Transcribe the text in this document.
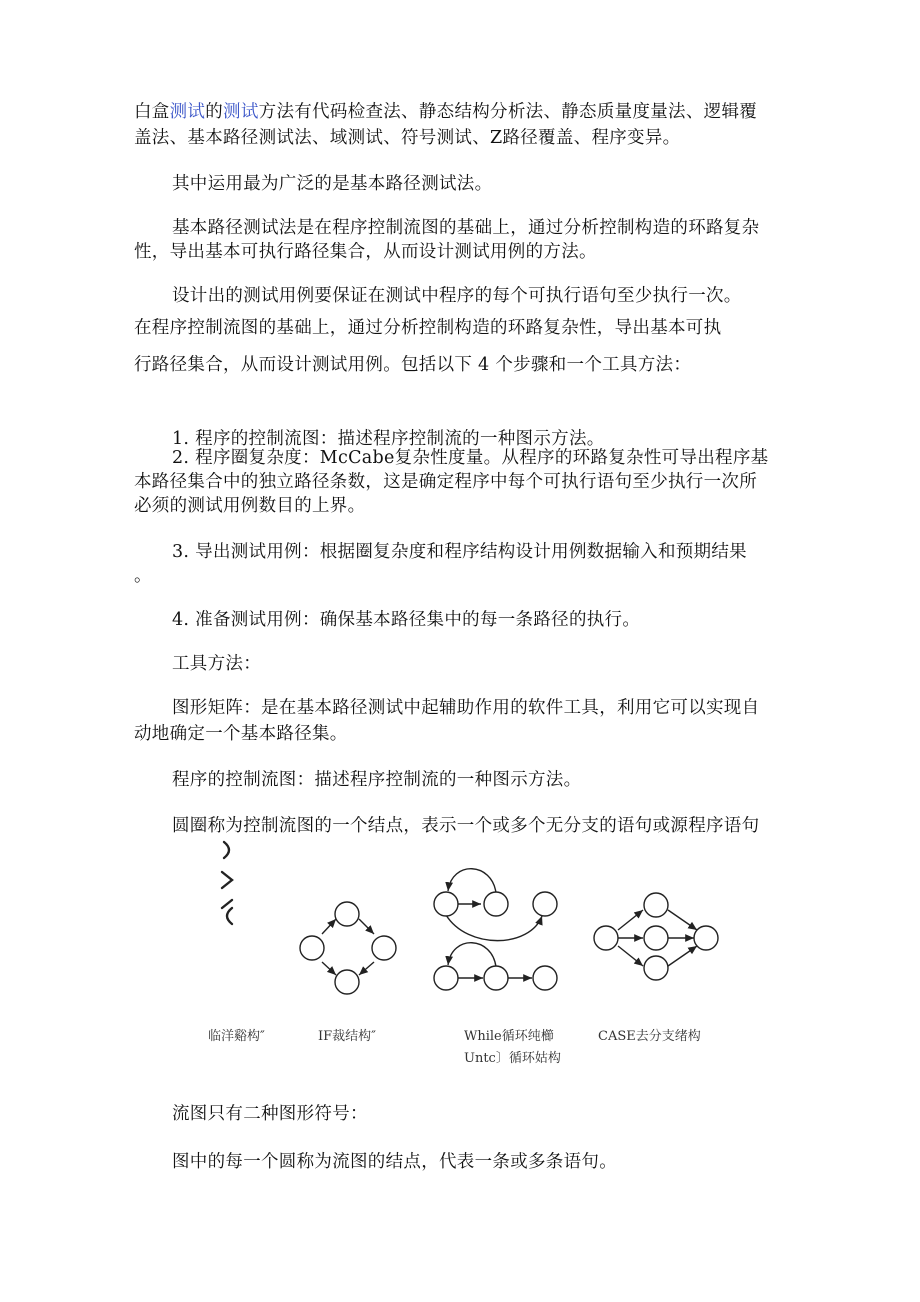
白盒测试的测试方法有代码检查法、静态结构分析法、静态质量度量法、逻辑覆
盖法、基本路径测试法、域测试、符号测试、Z路径覆盖、程序变异。
其中运用最为广泛的是基本路径测试法。
基本路径测试法是在程序控制流图的基础上，通过分析控制构造的环路复杂
性，导出基本可执行路径集合，从而设计测试用例的方法。
设计出的测试用例要保证在测试中程序的每个可执行语句至少执行一次。
在程序控制流图的基础上，通过分析控制构造的环路复杂性，导出基本可执
行路径集合，从而设计测试用例。包括以下 4 个步骤和一个工具方法：
1. 程序的控制流图：描述程序控制流的一种图示方法。
2. 程序圈复杂度：McCabe复杂性度量。从程序的环路复杂性可导出程序基
本路径集合中的独立路径条数，这是确定程序中每个可执行语句至少执行一次所
必须的测试用例数目的上界。
3. 导出测试用例：根据圈复杂度和程序结构设计用例数据输入和预期结果
。
4. 准备测试用例：确保基本路径集中的每一条路径的执行。
工具方法：
图形矩阵：是在基本路径测试中起辅助作用的软件工具，利用它可以实现自
动地确定一个基本路径集。
程序的控制流图：描述程序控制流的一种图示方法。
圆圈称为控制流图的一个结点，表示一个或多个无分支的语句或源程序语句
流图只有二种图形符号：
图中的每一个圆称为流图的结点，代表一条或多条语句。
临洋谿构″	IF裁结构″	While循环纯櫛
Untc〕循环姑构
CASE去分支绪构
